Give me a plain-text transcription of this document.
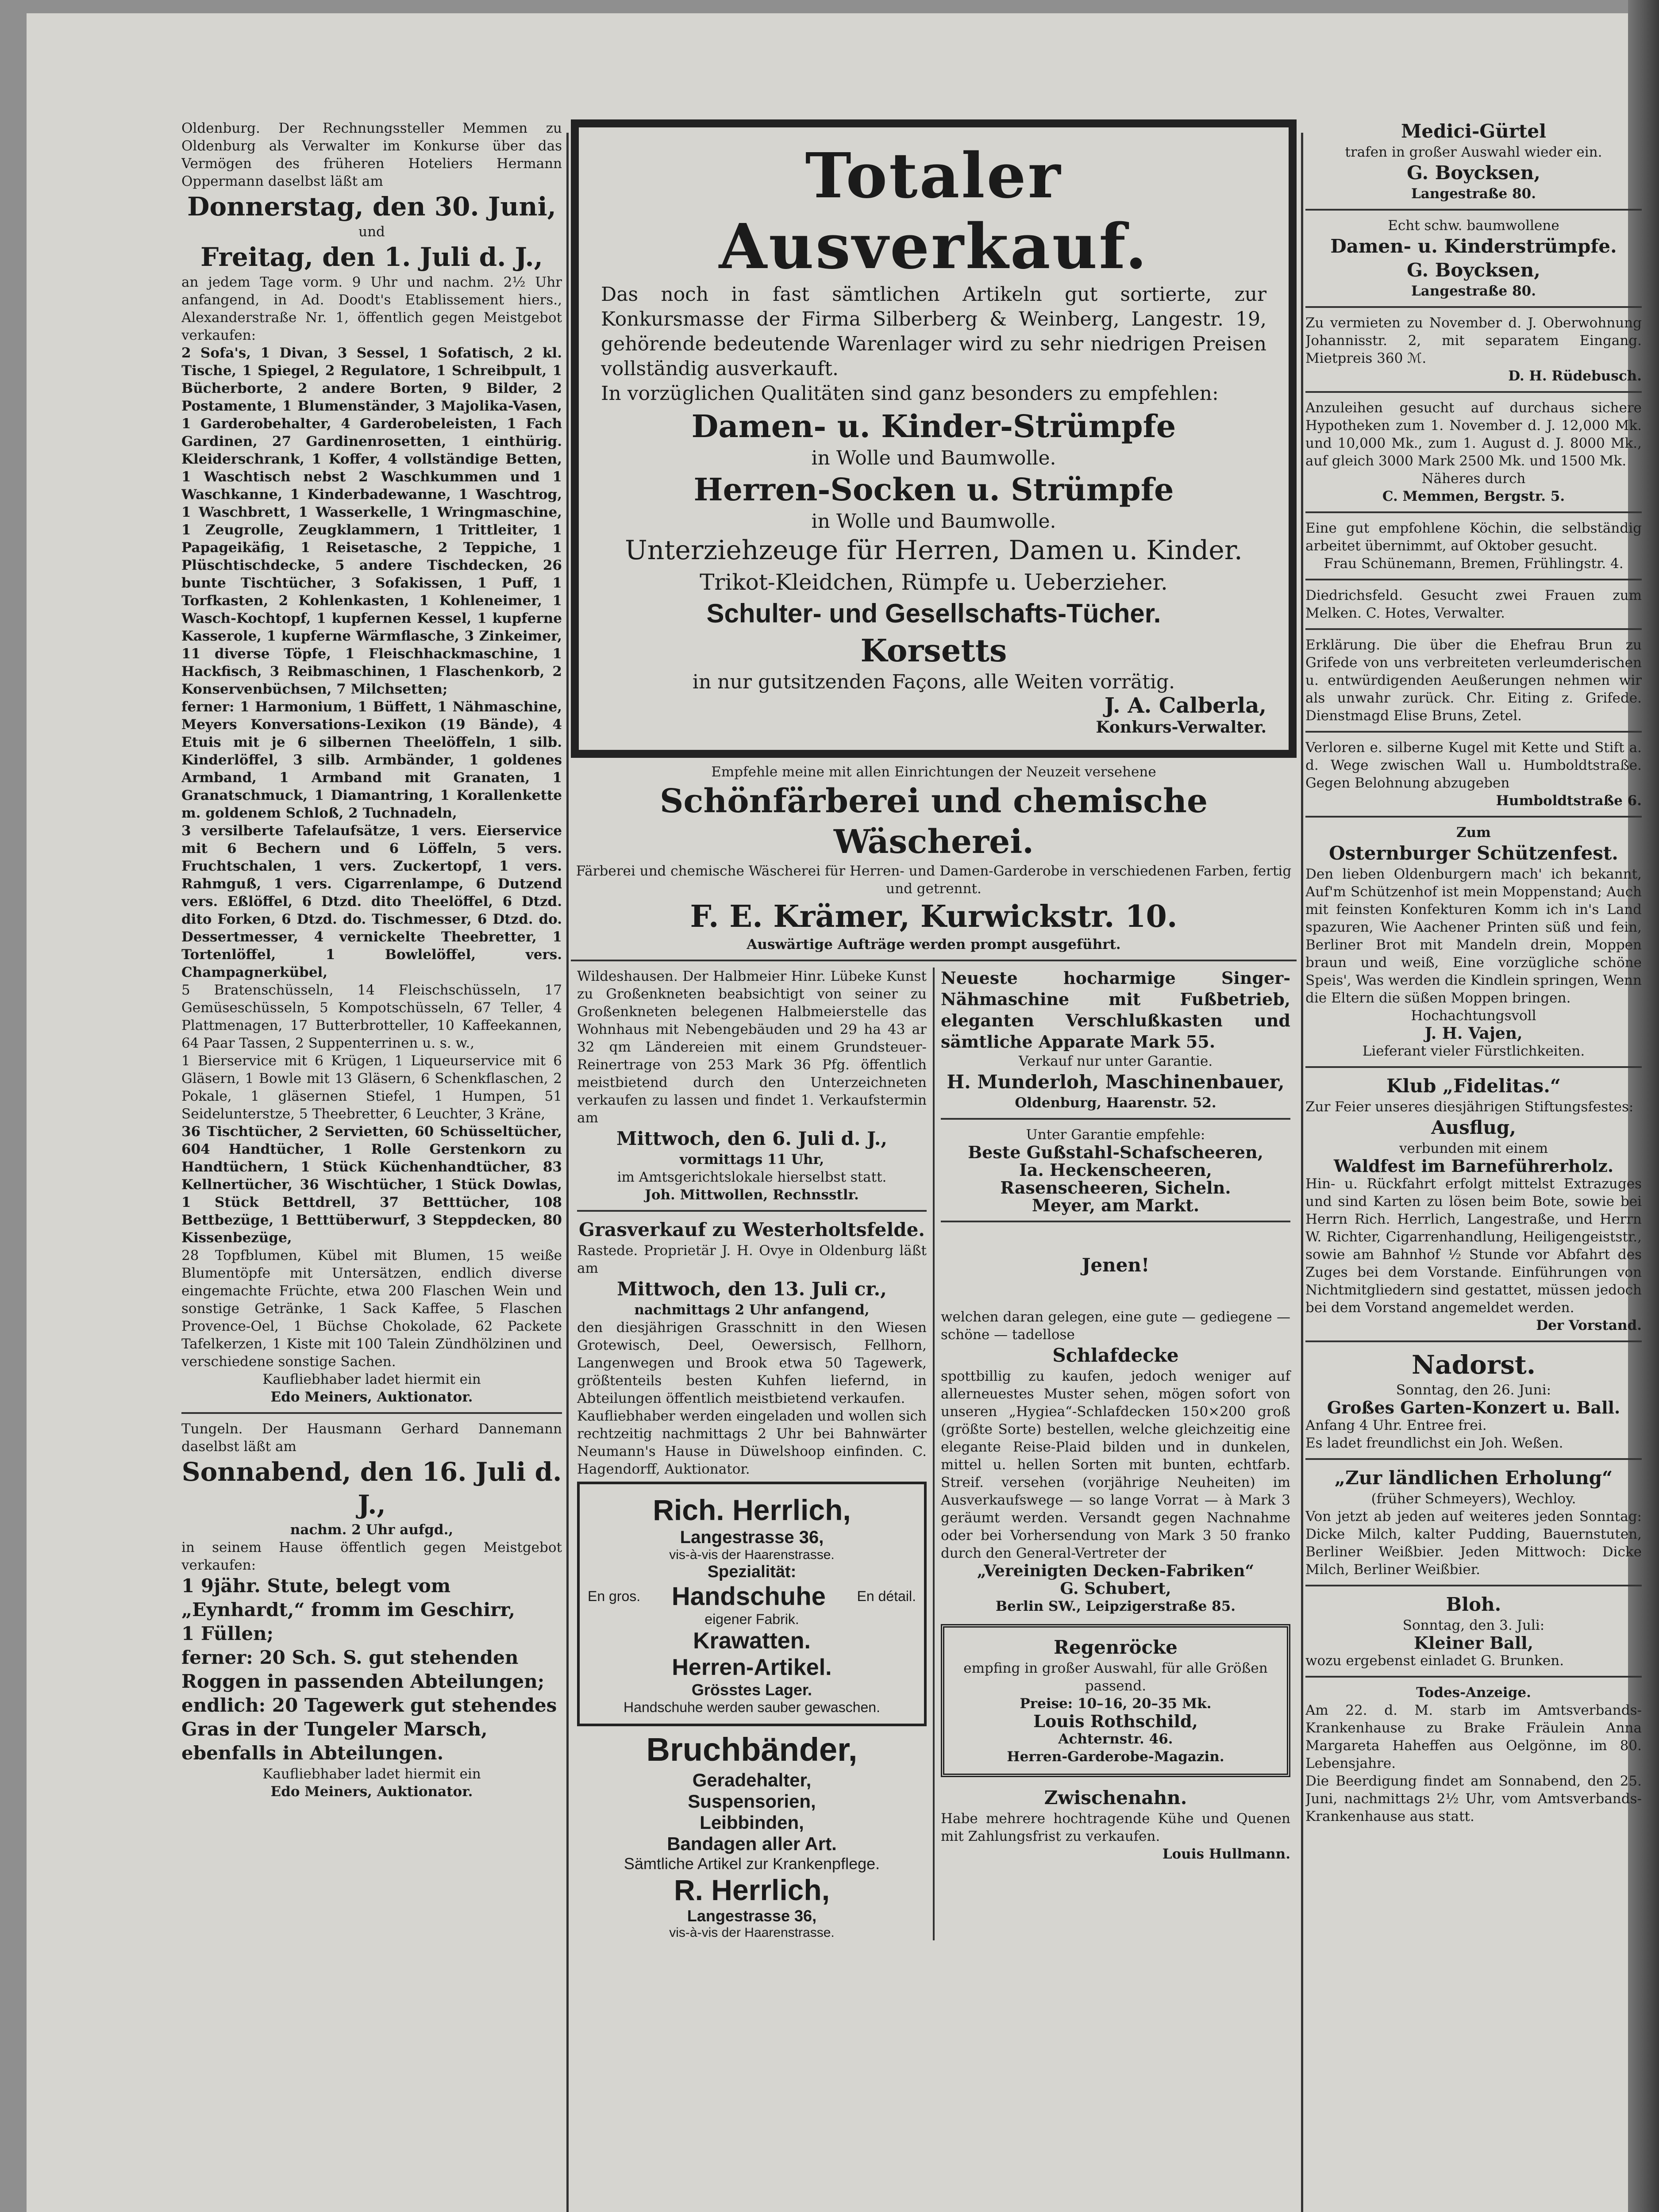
Oldenburg. Der Rechnungssteller Memmen zu Oldenburg als Verwalter im Konkurse über das Vermögen des früheren Hoteliers Hermann Oppermann daselbst läßt am

Donnerstag, den 30. Juni,

und

Freitag, den 1. Juli d. J.,

an jedem Tage vorm. 9 Uhr und nachm. 2½ Uhr anfangend, in Ad. Doodt's Etablissement hiers., Alexanderstraße Nr. 1, öffentlich gegen Meistgebot verkaufen:

2 Sofa's, 1 Divan, 3 Sessel, 1 Sofatisch, 2 kl. Tische, 1 Spiegel, 2 Regulatore, 1 Schreibpult, 1 Bücherborte, 2 andere Borten, 9 Bilder, 2 Postamente, 1 Blumenständer, 3 Majolika-Vasen, 1 Garderobehalter, 4 Garderobeleisten, 1 Fach Gardinen, 27 Gardinenrosetten, 1 einthürig. Kleiderschrank, 1 Koffer, 4 vollständige Betten, 1 Waschtisch nebst 2 Waschkummen und 1 Waschkanne, 1 Kinderbadewanne, 1 Waschtrog, 1 Waschbrett, 1 Wasserkelle, 1 Wringmaschine, 1 Zeugrolle, Zeugklammern, 1 Trittleiter, 1 Papageikäfig, 1 Reisetasche, 2 Teppiche, 1 Plüschtischdecke, 5 andere Tischdecken, 26 bunte Tischtücher, 3 Sofakissen, 1 Puff, 1 Torfkasten, 2 Kohlenkasten, 1 Kohleneimer, 1 Wasch-Kochtopf, 1 kupfernen Kessel, 1 kupferne Kasserole, 1 kupferne Wärmflasche, 3 Zinkeimer, 11 diverse Töpfe, 1 Fleischhackmaschine, 1 Hackfisch, 3 Reibmaschinen, 1 Flaschenkorb, 2 Konservenbüchsen, 7 Milchsetten;

ferner: 1 Harmonium, 1 Büffett, 1 Nähmaschine, Meyers Konversations-Lexikon (19 Bände), 4 Etuis mit je 6 silbernen Theelöffeln, 1 silb. Kinderlöffel, 3 silb. Armbänder, 1 goldenes Armband, 1 Armband mit Granaten, 1 Granatschmuck, 1 Diamantring, 1 Korallenkette m. goldenem Schloß, 2 Tuchnadeln,

3 versilberte Tafelaufsätze, 1 vers. Eierservice mit 6 Bechern und 6 Löffeln, 5 vers. Fruchtschalen, 1 vers. Zuckertopf, 1 vers. Rahmguß, 1 vers. Cigarrenlampe, 6 Dutzend vers. Eßlöffel, 6 Dtzd. dito Theelöffel, 6 Dtzd. dito Forken, 6 Dtzd. do. Tischmesser, 6 Dtzd. do. Dessertmesser, 4 vernickelte Theebretter, 1 Tortenlöffel, 1 Bowlelöffel, vers. Champagnerkübel,

5 Bratenschüsseln, 14 Fleischschüsseln, 17 Gemüseschüsseln, 5 Kompotschüsseln, 67 Teller, 4 Plattmenagen, 17 Butterbrotteller, 10 Kaffeekannen, 64 Paar Tassen, 2 Suppenterrinen u. s. w.,

1 Bierservice mit 6 Krügen, 1 Liqueurservice mit 6 Gläsern, 1 Bowle mit 13 Gläsern, 6 Schenkflaschen, 2 Pokale, 1 gläsernen Stiefel, 1 Humpen, 51 Seidelunterstze, 5 Theebretter, 6 Leuchter, 3 Kräne,

36 Tischtücher, 2 Servietten, 60 Schüsseltücher, 604 Handtücher, 1 Rolle Gerstenkorn zu Handtüchern, 1 Stück Küchenhandtücher, 83 Kellnertücher, 36 Wischtücher, 1 Stück Dowlas, 1 Stück Bettdrell, 37 Betttücher, 108 Bettbezüge, 1 Betttüberwurf, 3 Steppdecken, 80 Kissenbezüge,

28 Topfblumen, Kübel mit Blumen, 15 weiße Blumentöpfe mit Untersätzen, endlich diverse eingemachte Früchte, etwa 200 Flaschen Wein und sonstige Getränke, 1 Sack Kaffee, 5 Flaschen Provence-Oel, 1 Büchse Chokolade, 62 Packete Tafelkerzen, 1 Kiste mit 100 Talein Zündhölzinen und verschiedene sonstige Sachen.

Kaufliebhaber ladet hiermit ein

Edo Meiners, Auktionator.

Tungeln. Der Hausmann Gerhard Dannemann daselbst läßt am

Sonnabend, den 16. Juli d. J.,

nachm. 2 Uhr aufgd.,

in seinem Hause öffentlich gegen Meistgebot verkaufen:

1 9jähr. Stute, belegt vom „Eynhardt,“ fromm im Geschirr,

1 Füllen;

ferner: 20 Sch. S. gut stehenden Roggen in passenden Abteilungen;

endlich: 20 Tagewerk gut stehendes Gras in der Tungeler Marsch, ebenfalls in Abteilungen.

Kaufliebhaber ladet hiermit ein

Edo Meiners, Auktionator.

Totaler Ausverkauf.

Das noch in fast sämtlichen Artikeln gut sortierte, zur Konkursmasse der Firma Silberberg & Weinberg, Langestr. 19, gehörende bedeutende Warenlager wird zu sehr niedrigen Preisen vollständig ausverkauft.

In vorzüglichen Qualitäten sind ganz besonders zu empfehlen:

Damen- u. Kinder-Strümpfe

in Wolle und Baumwolle.

Herren-Socken u. Strümpfe

in Wolle und Baumwolle.

Unterziehzeuge für Herren, Damen u. Kinder.

Trikot-Kleidchen, Rümpfe u. Ueberzieher.

Schulter- und Gesellschafts-Tücher.

Korsetts

in nur gutsitzenden Façons, alle Weiten vorrätig.

J. A. Calberla,

Konkurs-Verwalter.

Empfehle meine mit allen Einrichtungen der Neuzeit versehene

Schönfärberei und chemische Wäscherei.

Färberei und chemische Wäscherei für Herren- und Damen-Garderobe in verschiedenen Farben, fertig und getrennt.

F. E. Krämer, Kurwickstr. 10.

Auswärtige Aufträge werden prompt ausgeführt.

Wildeshausen. Der Halbmeier Hinr. Lübeke Kunst zu Großenkneten beabsichtigt von seiner zu Großenkneten belegenen Halbmeierstelle das Wohnhaus mit Nebengebäuden und 29 ha 43 ar 32 qm Ländereien mit einem Grundsteuer-Reinertrage von 253 Mark 36 Pfg. öffentlich meistbietend durch den Unterzeichneten verkaufen zu lassen und findet 1. Verkaufstermin am

Mittwoch, den 6. Juli d. J.,

vormittags 11 Uhr,

im Amtsgerichtslokale hierselbst statt.

Joh. Mittwollen, Rechnsstlr.

Grasverkauf zu Westerholtsfelde.

Rastede. Proprietär J. H. Ovye in Oldenburg läßt am

Mittwoch, den 13. Juli cr.,

nachmittags 2 Uhr anfangend,

den diesjährigen Grasschnitt in den Wiesen Grotewisch, Deel, Oewersisch, Fellhorn, Langenwegen und Brook etwa 50 Tagewerk, größtenteils besten Kuhfen liefernd, in Abteilungen öffentlich meistbietend verkaufen.

Kaufliebhaber werden eingeladen und wollen sich rechtzeitig nachmittags 2 Uhr bei Bahnwärter Neumann's Hause in Düwelshoop einfinden. C. Hagendorff, Auktionator.

Rich. Herrlich,

Langestrasse 36,

vis-à-vis der Haarenstrasse.

Spezialität:

En gros. Handschuhe En détail.

eigener Fabrik.

Krawatten.

Herren-Artikel.

Grösstes Lager.

Handschuhe werden sauber gewaschen.

Bruchbänder,

Geradehalter,

Suspensorien,

Leibbinden,

Bandagen aller Art.

Sämtliche Artikel zur Krankenpflege.

R. Herrlich,

Langestrasse 36,

vis-à-vis der Haarenstrasse.

Neueste hocharmige Singer-Nähmaschine mit Fußbetrieb, eleganten Verschlußkasten und sämtliche Apparate Mark 55.

Verkauf nur unter Garantie.

H. Munderloh, Maschinenbauer,

Oldenburg, Haarenstr. 52.

Unter Garantie empfehle:

Beste Gußstahl-Schafscheeren,

Ia. Heckenscheeren,

Rasenscheeren, Sicheln.

Meyer, am Markt.

Jenen!

welchen daran gelegen, eine gute — gediegene — schöne — tadellose

Schlafdecke

spottbillig zu kaufen, jedoch weniger auf allerneuestes Muster sehen, mögen sofort von unseren „Hygiea“-Schlafdecken 150×200 groß (größte Sorte) bestellen, welche gleichzeitig eine elegante Reise-Plaid bilden und in dunkelen, mittel u. hellen Sorten mit bunten, echtfarb. Streif. versehen (vorjährige Neuheiten) im Ausverkaufswege — so lange Vorrat — à Mark 3 geräumt werden. Versandt gegen Nachnahme oder bei Vorhersendung von Mark 3 50 franko durch den General-Vertreter der

„Vereinigten Decken-Fabriken“

G. Schubert,

Berlin SW., Leipzigerstraße 85.

Regenröcke

empfing in großer Auswahl, für alle Größen passend.

Preise: 10–16, 20–35 Mk.

Louis Rothschild,

Achternstr. 46.

Herren-Garderobe-Magazin.

Zwischenahn.

Habe mehrere hochtragende Kühe und Quenen mit Zahlungsfrist zu verkaufen.

Louis Hullmann.

Medici-Gürtel

trafen in großer Auswahl wieder ein.

G. Boycksen,

Langestraße 80.

Echt schw. baumwollene

Damen- u. Kinderstrümpfe.

G. Boycksen,

Langestraße 80.

Zu vermieten zu November d. J. Oberwohnung Johannisstr. 2, mit separatem Eingang. Mietpreis 360 ℳ.

D. H. Rüdebusch.

Anzuleihen gesucht auf durchaus sichere Hypotheken zum 1. November d. J. 12,000 Mk. und 10,000 Mk., zum 1. August d. J. 8000 Mk., auf gleich 3000 Mark 2500 Mk. und 1500 Mk.

Näheres durch

C. Memmen, Bergstr. 5.

Eine gut empfohlene Köchin, die selbständig arbeitet übernimmt, auf Oktober gesucht.

Frau Schünemann, Bremen, Frühlingstr. 4.

Diedrichsfeld. Gesucht zwei Frauen zum Melken. C. Hotes, Verwalter.

Erklärung. Die über die Ehefrau Brun zu Grifede von uns verbreiteten verleumderischen u. entwürdigenden Aeußerungen nehmen wir als unwahr zurück. Chr. Eiting z. Grifede. Dienstmagd Elise Bruns, Zetel.

Verloren e. silberne Kugel mit Kette und Stift a. d. Wege zwischen Wall u. Humboldtstraße. Gegen Belohnung abzugeben

Humboldtstraße 6.

Zum

Osternburger Schützenfest.

Den lieben Oldenburgern mach' ich bekannt, Auf'm Schützenhof ist mein Moppenstand; Auch mit feinsten Konfekturen Komm ich in's Land spazuren, Wie Aachener Printen süß und fein, Berliner Brot mit Mandeln drein, Moppen braun und weiß, Eine vorzügliche schöne Speis', Was werden die Kindlein springen, Wenn die Eltern die süßen Moppen bringen.

Hochachtungsvoll

J. H. Vajen,

Lieferant vieler Fürstlichkeiten.

Klub „Fidelitas.“

Zur Feier unseres diesjährigen Stiftungsfestes:

Ausflug,

verbunden mit einem

Waldfest im Barneführerholz.

Hin- u. Rückfahrt erfolgt mittelst Extrazuges und sind Karten zu lösen beim Bote, sowie bei Herrn Rich. Herrlich, Langestraße, und Herrn W. Richter, Cigarrenhandlung, Heiligengeiststr., sowie am Bahnhof ½ Stunde vor Abfahrt des Zuges bei dem Vorstande. Einführungen von Nichtmitgliedern sind gestattet, müssen jedoch bei dem Vorstand angemeldet werden.

Der Vorstand.

Nadorst.

Sonntag, den 26. Juni:

Großes Garten-Konzert u. Ball.

Anfang 4 Uhr. Entree frei.

Es ladet freundlichst ein Joh. Weßen.

„Zur ländlichen Erholung“

(früher Schmeyers), Wechloy.

Von jetzt ab jeden auf weiteres jeden Sonntag: Dicke Milch, kalter Pudding, Bauernstuten, Berliner Weißbier. Jeden Mittwoch: Dicke Milch, Berliner Weißbier.

Bloh.

Sonntag, den 3. Juli:

Kleiner Ball,

wozu ergebenst einladet G. Brunken.

Todes-Anzeige.

Am 22. d. M. starb im Amtsverbands-Krankenhause zu Brake Fräulein Anna Margareta Haheffen aus Oelgönne, im 80. Lebensjahre.

Die Beerdigung findet am Sonnabend, den 25. Juni, nachmittags 2½ Uhr, vom Amtsverbands-Krankenhause aus statt.
